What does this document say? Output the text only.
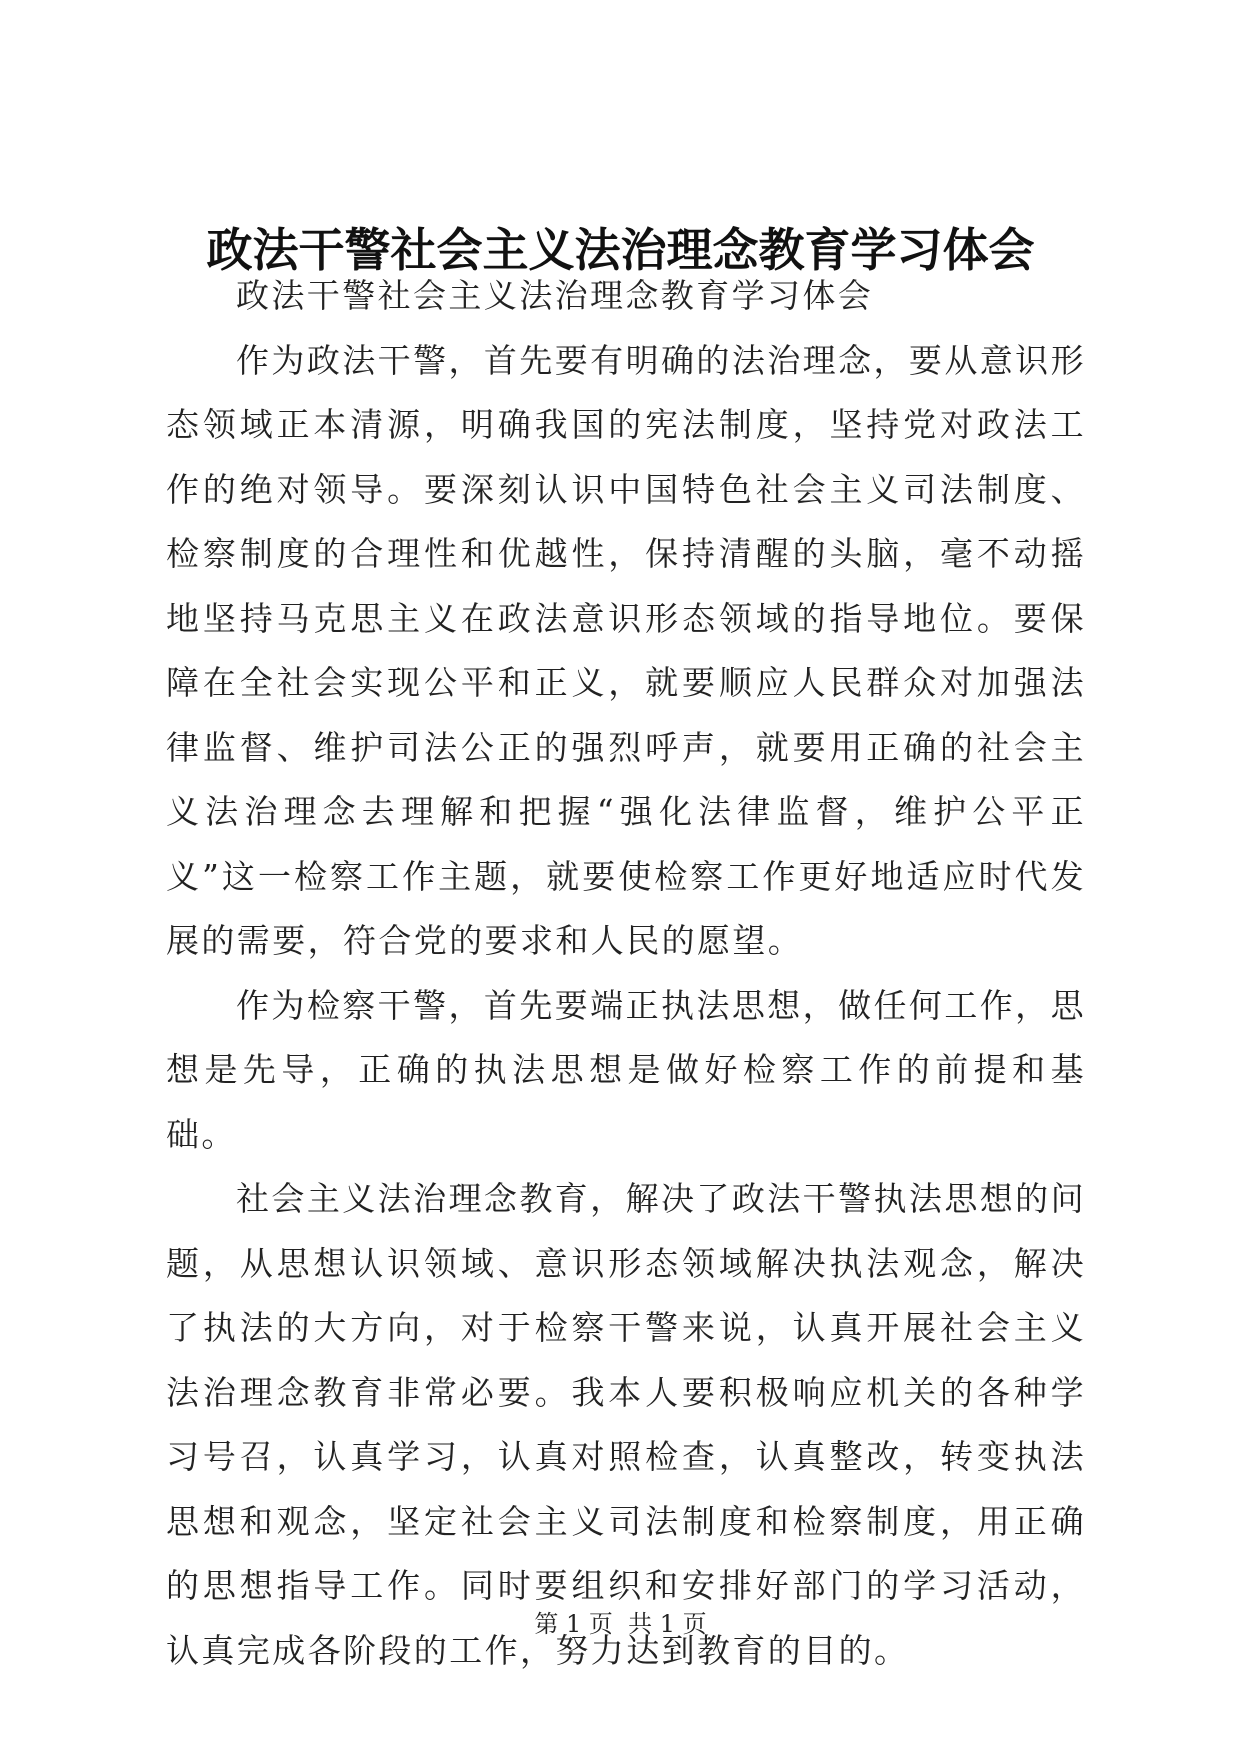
政法干警社会主义法治理念教育学习体会

政法干警社会主义法治理念教育学习体会

作为政法干警，首先要有明确的法治理念，要从意识形态领域正本清源，明确我国的宪法制度，坚持党对政法工作的绝对领导。要深刻认识中国特色社会主义司法制度、检察制度的合理性和优越性，保持清醒的头脑，毫不动摇地坚持马克思主义在政法意识形态领域的指导地位。要保障在全社会实现公平和正义，就要顺应人民群众对加强法律监督、维护司法公正的强烈呼声，就要用正确的社会主义法治理念去理解和把握“强化法律监督，维护公平正义”这一检察工作主题，就要使检察工作更好地适应时代发展的需要，符合党的要求和人民的愿望。

作为检察干警，首先要端正执法思想，做任何工作，思想是先导，正确的执法思想是做好检察工作的前提和基础。

社会主义法治理念教育，解决了政法干警执法思想的问题，从思想认识领域、意识形态领域解决执法观念，解决了执法的大方向，对于检察干警来说，认真开展社会主义法治理念教育非常必要。我本人要积极响应机关的各种学习号召，认真学习，认真对照检查，认真整改，转变执法思想和观念，坚定社会主义司法制度和检察制度，用正确的思想指导工作。同时要组织和安排好部门的学习活动，认真完成各阶段的工作，努力达到教育的目的。

第 1 页  共 1 页
